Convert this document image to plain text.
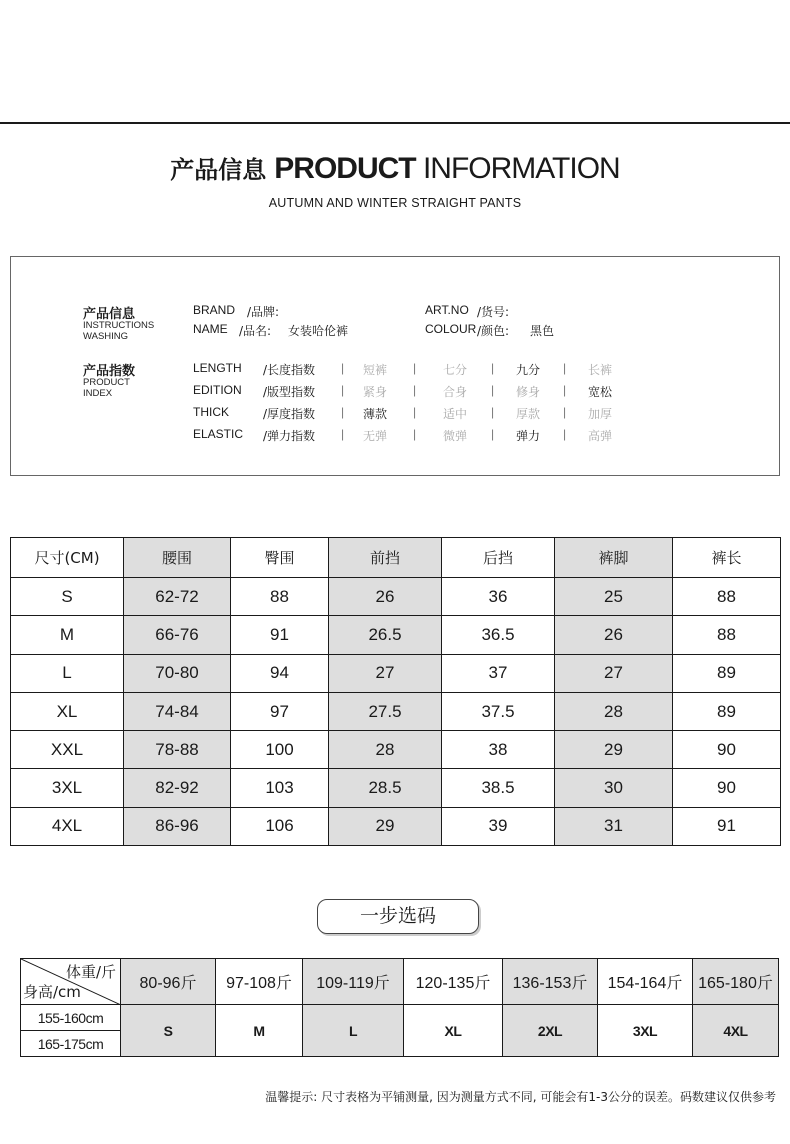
产品信息 PRODUCT INFORMATION
AUTUMN AND WINTER STRAIGHT PANTS
产品信息
INSTRUCTIONS
WASHING
BRAND /品牌:
NAME /品名: 女装哈伦裤
ART.NO /货号:
COLOUR /颜色: 黑色
产品指数
PRODUCT
INDEX
LENGTH /长度指数 | 短裤 | 七分 | 九分 | 长裤
EDITION /版型指数 | 紧身 | 合身 | 修身 | 宽松
THICK	/厚度指数 | 薄款 | 适中 | 厚款 | 加厚
ELASTIC /弹力指数 | 无弹 | 微弹 | 弹力 | 高弹
尺寸(CM)	腰围	臀围	前挡	后挡	裤脚	裤长
S	62-72	88	26	36	25	88
M	66-76	91	26.5	36.5	26	88
L	70-80	94	27	37	27	89
XL	74-84	97	27.5	37.5	28	89
XXL	78-88	100	28	38	29	90
3XL	82-92	103	28.5	38.5	30	90
4XL	86-96	106	29	39	31	91
一步选码
体重/斤
身高/cm	80-96斤	97-108斤	109-119斤	120-135斤	136-153斤	154-164斤	165-180斤
155-160cm	S	M	L	XL	2XL	3XL	4XL
165-175cm							
温馨提示: 尺寸表格为平铺测量, 因为测量方式不同, 可能会有1-3公分的误差。码数建议仅供参考
